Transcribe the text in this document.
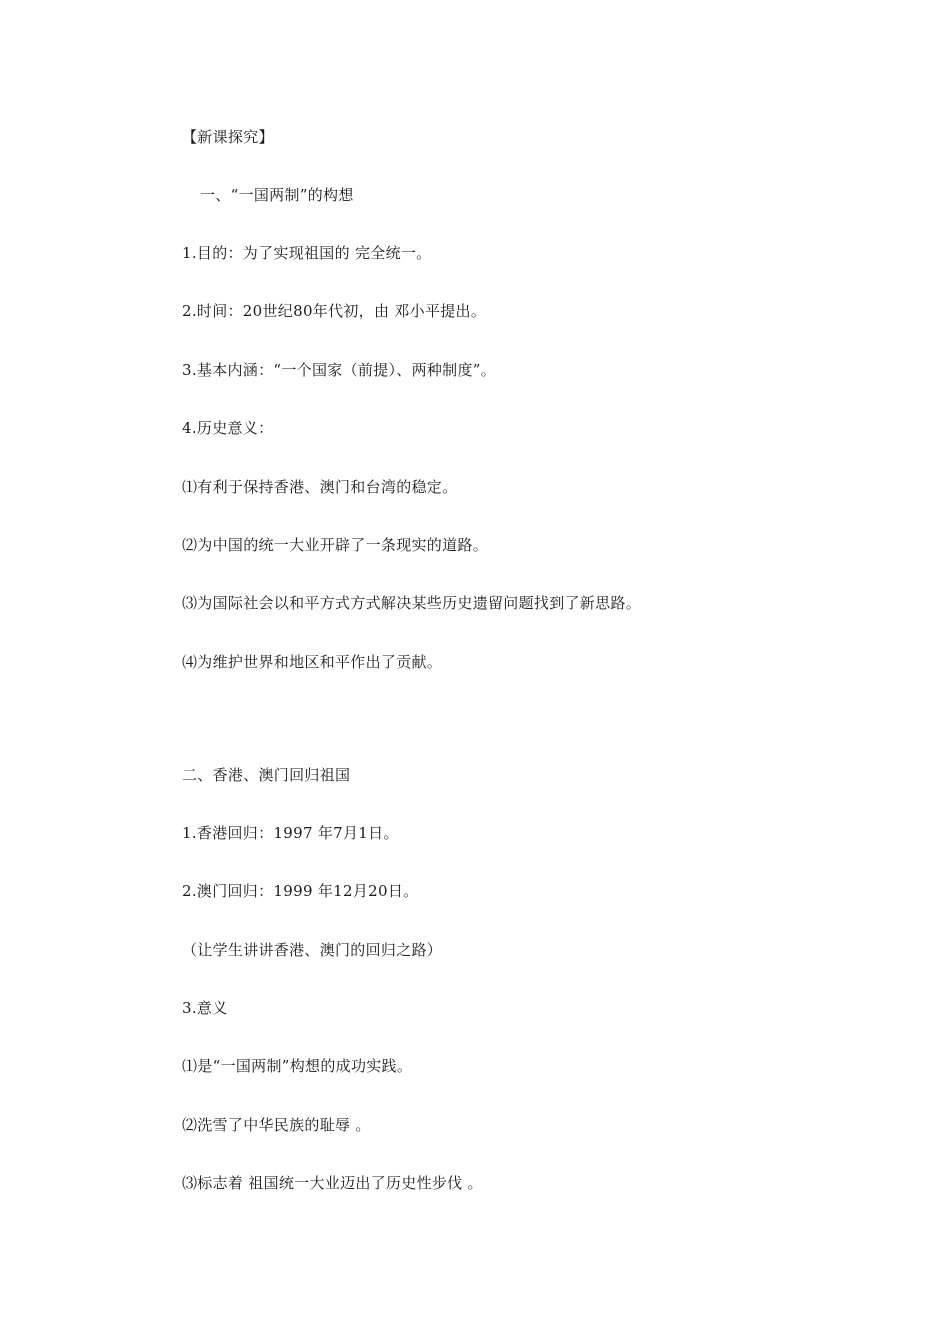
【新课探究】
一、“一国两制”的构想
1.目的：为了实现祖国的 完全统一。
2.时间：20世纪80年代初，由 邓小平提出。
3.基本内涵：“一个国家（前提）、两种制度”。
4.历史意义：
⑴有利于保持香港、澳门和台湾的稳定。
⑵为中国的统一大业开辟了一条现实的道路。
⑶为国际社会以和平方式方式解决某些历史遗留问题找到了新思路。
⑷为维护世界和地区和平作出了贡献。
二、香港、澳门回归祖国
1.香港回归：1997 年7月1日。
2.澳门回归：1999 年12月20日。
（让学生讲讲香港、澳门的回归之路）
3.意义
⑴是“一国两制”构想的成功实践。
⑵洗雪了中华民族的耻辱 。
⑶标志着 祖国统一大业迈出了历史性步伐 。
